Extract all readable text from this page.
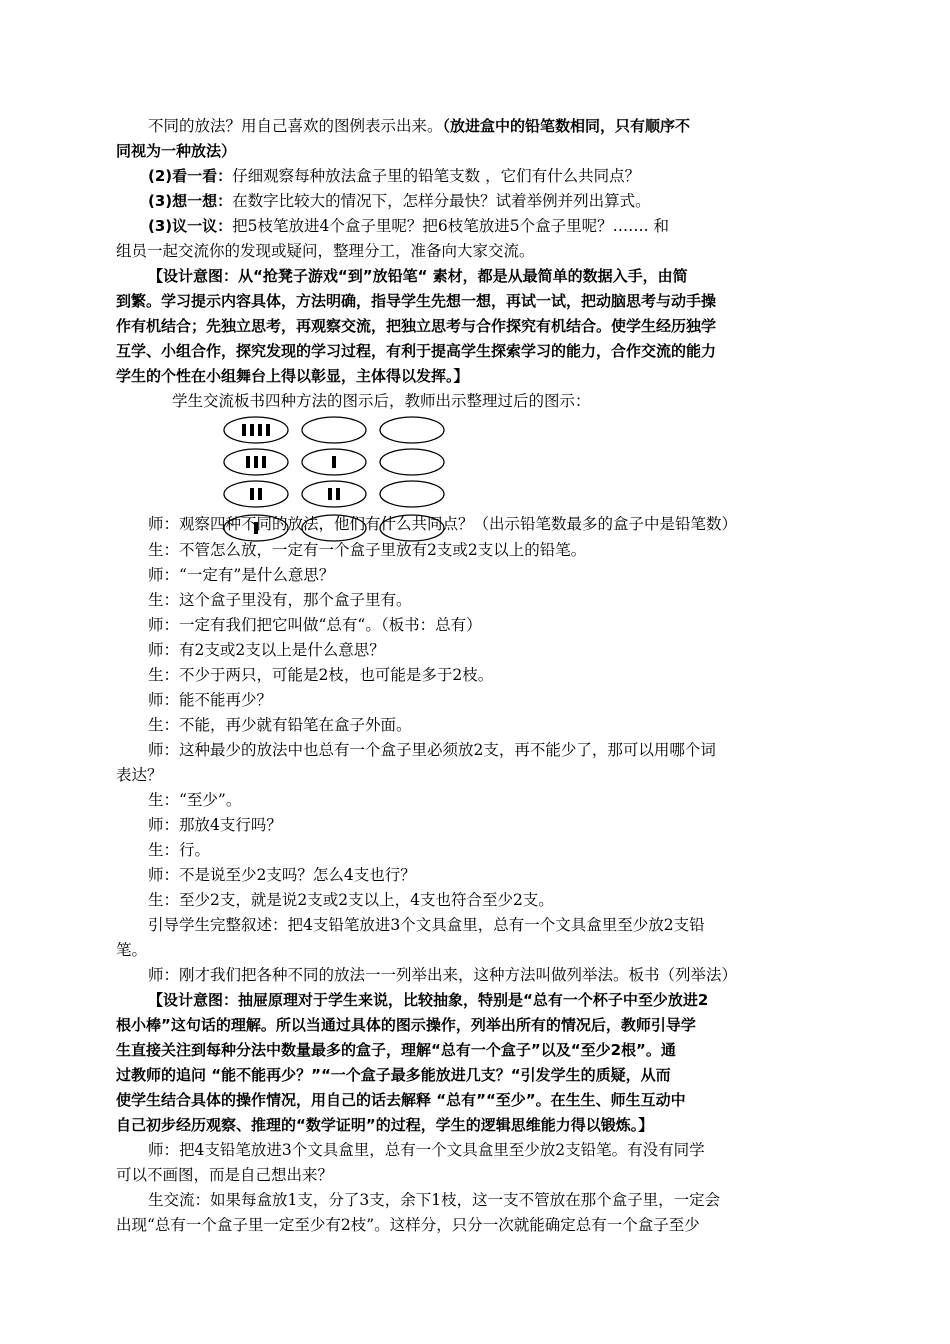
不同的放法？用自己喜欢的图例表示出来。（放进盒中的铅笔数相同，只有顺序不
同视为一种放法）
(2)看一看：仔细观察每种放法盒子里的铅笔支数 ，它们有什么共同点？
(3)想一想：在数字比较大的情况下，怎样分最快？试着举例并列出算式。
(3)议一议：把5枝笔放进4个盒子里呢？把6枝笔放进5个盒子里呢？……. 和
组员一起交流你的发现或疑问，整理分工，准备向大家交流。
【设计意图：从“抢凳子游戏“到”放铅笔“ 素材，都是从最简单的数据入手，由简
到繁。学习提示内容具体，方法明确，指导学生先想一想，再试一试，把动脑思考与动手操
作有机结合；先独立思考，再观察交流，把独立思考与合作探究有机结合。使学生经历独学
互学、小组合作，探究发现的学习过程，有利于提高学生探索学习的能力，合作交流的能力
学生的个性在小组舞台上得以彰显，主体得以发挥。】
学生交流板书四种方法的图示后，教师出示整理过后的图示：
师：观察四种不同的放法，他们有什么共同点？（出示铅笔数最多的盒子中是铅笔数）
生：不管怎么放，一定有一个盒子里放有2支或2支以上的铅笔。
师：“一定有”是什么意思？
生：这个盒子里没有，那个盒子里有。
师：一定有我们把它叫做“总有“。（板书：总有）
师：有2支或2支以上是什么意思？
生：不少于两只，可能是2枝，也可能是多于2枝。
师：能不能再少？
生：不能，再少就有铅笔在盒子外面。
师：这种最少的放法中也总有一个盒子里必须放2支，再不能少了，那可以用哪个词
表达？
生：“至少”。
师：那放4支行吗？
生：行。
师：不是说至少2支吗？怎么4支也行？
生：至少2支，就是说2支或2支以上，4支也符合至少2支。
引导学生完整叙述：把4支铅笔放进3个文具盒里，总有一个文具盒里至少放2支铅
笔。
师：刚才我们把各种不同的放法一一列举出来，这种方法叫做列举法。板书（列举法）
【设计意图：抽屉原理对于学生来说，比较抽象，特别是“总有一个杯子中至少放进2
根小棒”这句话的理解。所以当通过具体的图示操作，列举出所有的情况后，教师引导学
生直接关注到每种分法中数量最多的盒子，理解“总有一个盒子”以及“至少2根”。通
过教师的追问 “能不能再少？”“一个盒子最多能放进几支？“引发学生的质疑，从而
使学生结合具体的操作情况，用自己的话去解释 “总有”“至少”。在生生、师生互动中
自己初步经历观察、推理的“数学证明”的过程，学生的逻辑思维能力得以锻炼。】
师：把4支铅笔放进3个文具盒里，总有一个文具盒里至少放2支铅笔。有没有同学
可以不画图，而是自己想出来？
生交流：如果每盒放1支，分了3支，余下1枝，这一支不管放在那个盒子里，一定会
出现“总有一个盒子里一定至少有2枝”。这样分，只分一次就能确定总有一个盒子至少
